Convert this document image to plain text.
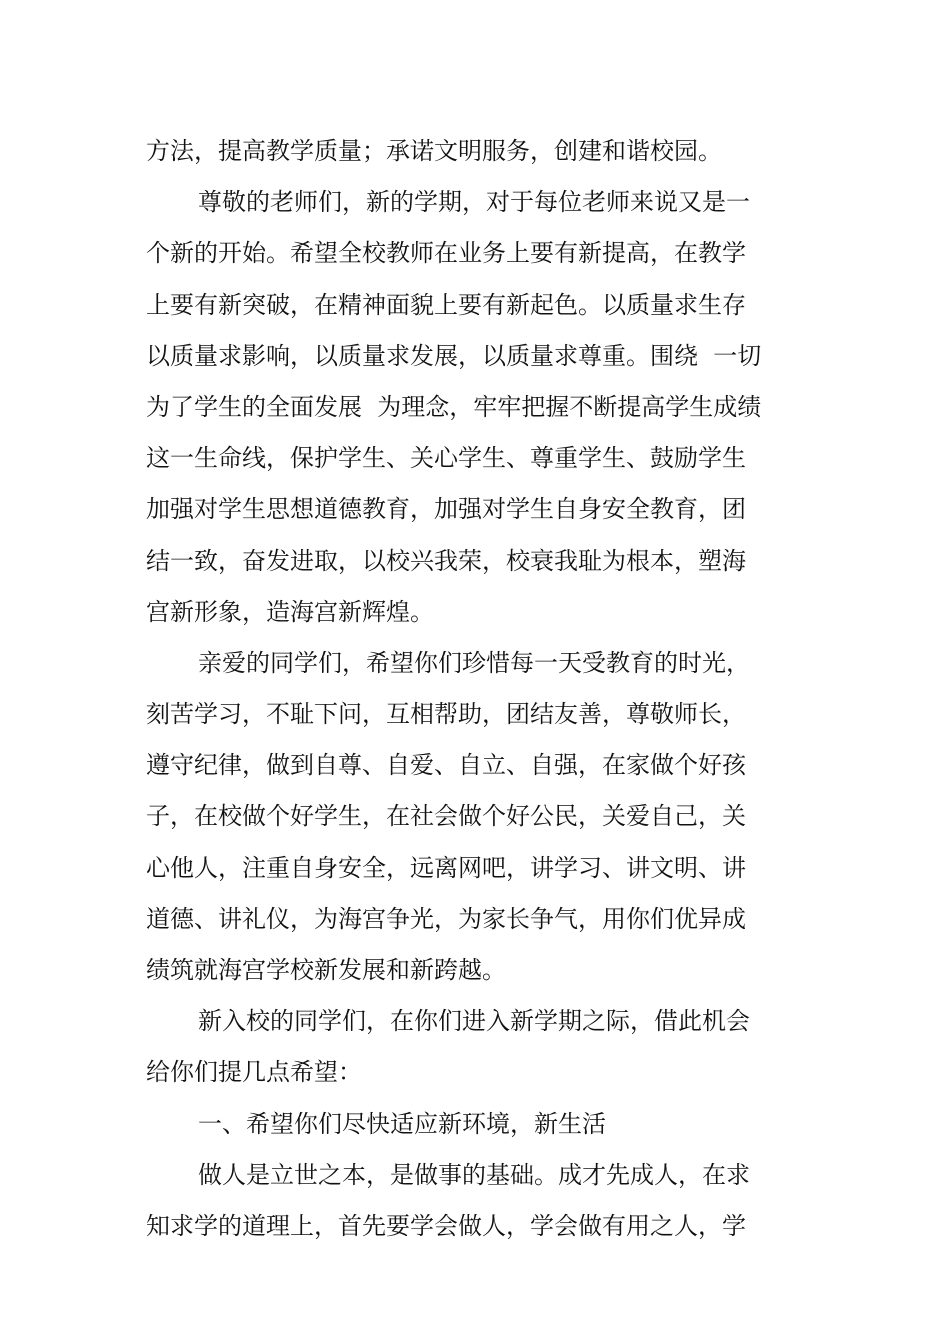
方法，提高教学质量；承诺文明服务，创建和谐校园。
尊敬的老师们，新的学期，对于每位老师来说又是一
个新的开始。希望全校教师在业务上要有新提高，在教学
上要有新突破，在精神面貌上要有新起色。以质量求生存
以质量求影响，以质量求发展，以质量求尊重。围绕  一切
为了学生的全面发展  为理念，牢牢把握不断提高学生成绩
这一生命线，保护学生、关心学生、尊重学生、鼓励学生
加强对学生思想道德教育，加强对学生自身安全教育，团
结一致，奋发进取，以校兴我荣，校衰我耻为根本，塑海
宫新形象，造海宫新辉煌。
亲爱的同学们，希望你们珍惜每一天受教育的时光，
刻苦学习，不耻下问，互相帮助，团结友善，尊敬师长，
遵守纪律，做到自尊、自爱、自立、自强，在家做个好孩
子，在校做个好学生，在社会做个好公民，关爱自己，关
心他人，注重自身安全，远离网吧，讲学习、讲文明、讲
道德、讲礼仪，为海宫争光，为家长争气，用你们优异成
绩筑就海宫学校新发展和新跨越。
新入校的同学们，在你们进入新学期之际，借此机会
给你们提几点希望：
一、希望你们尽快适应新环境，新生活
做人是立世之本，是做事的基础。成才先成人，在求
知求学的道理上，首先要学会做人，学会做有用之人，学
